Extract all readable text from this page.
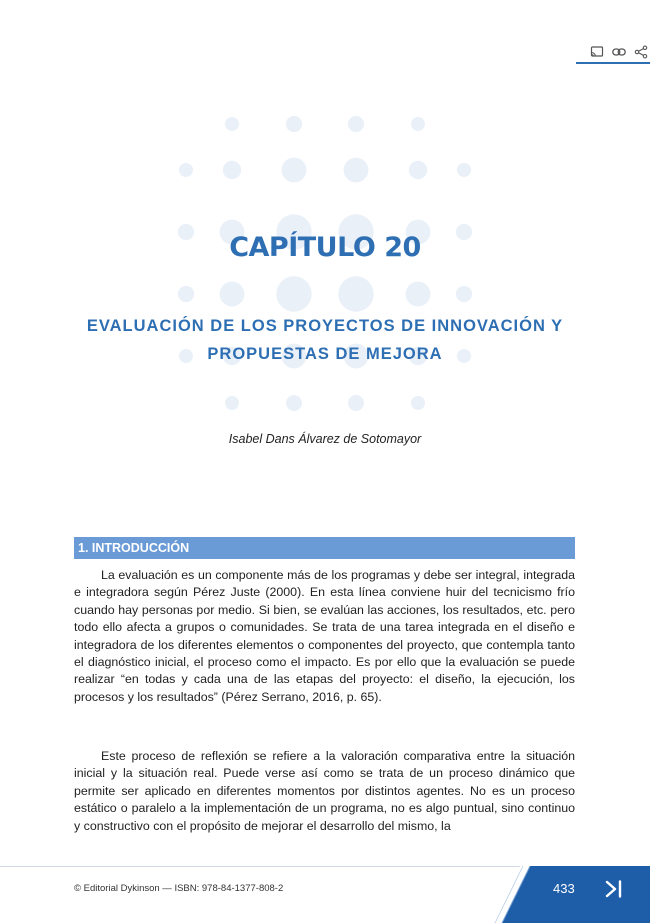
CAPÍTULO 20
EVALUACIÓN DE LOS PROYECTOS DE INNOVACIÓN Y PROPUESTAS DE MEJORA
Isabel Dans Álvarez de Sotomayor
1. INTRODUCCIÓN

La evaluación es un componente más de los programas y debe ser integral, integrada e integradora según Pérez Juste (2000). En esta línea conviene huir del tecnicismo frío cuando hay personas por medio. Si bien, se evalúan las acciones, los resultados, etc. pero todo ello afecta a grupos o comunidades. Se trata de una tarea integrada en el diseño e integradora de los diferentes elementos o componentes del proyecto, que contempla tanto el diagnóstico inicial, el proceso como el impacto. Es por ello que la evaluación se puede realizar “en todas y cada una de las etapas del proyecto: el diseño, la ejecución, los procesos y los resultados” (Pérez Serrano, 2016, p. 65).

Este proceso de reflexión se refiere a la valoración comparativa entre la situación inicial y la situación real. Puede verse así como se trata de un proceso dinámico que permite ser aplicado en diferentes momentos por distintos agentes. No es un proceso estático o paralelo a la implementación de un programa, no es algo puntual, sino continuo y constructivo con el propósito de mejorar el desarrollo del mismo, la

© Editorial Dykinson — ISBN: 978-84-1377-808-2	433
